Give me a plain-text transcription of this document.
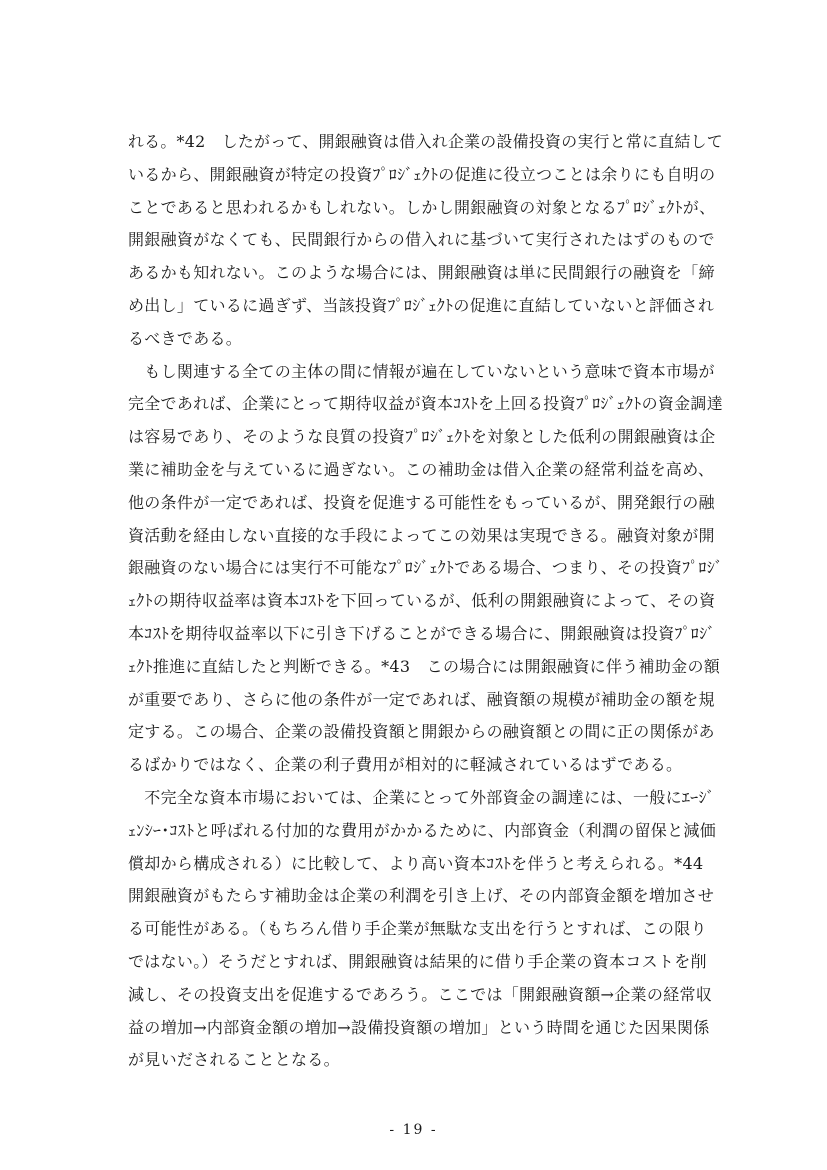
れる。*42　したがって、開銀融資は借入れ企業の設備投資の実行と常に直結して
いるから、開銀融資が特定の投資ﾌﾟﾛｼﾞｪｸﾄの促進に役立つことは余りにも自明の
ことであると思われるかもしれない。しかし開銀融資の対象となるﾌﾟﾛｼﾞｪｸﾄが、
開銀融資がなくても、民間銀行からの借入れに基づいて実行されたはずのもので
あるかも知れない。このような場合には、開銀融資は単に民間銀行の融資を「締
め出し」ているに過ぎず、当該投資ﾌﾟﾛｼﾞｪｸﾄの促進に直結していないと評価され
るべきである。
　もし関連する全ての主体の間に情報が遍在していないという意味で資本市場が
完全であれば、企業にとって期待収益が資本ｺｽﾄを上回る投資ﾌﾟﾛｼﾞｪｸﾄの資金調達
は容易であり、そのような良質の投資ﾌﾟﾛｼﾞｪｸﾄを対象とした低利の開銀融資は企
業に補助金を与えているに過ぎない。この補助金は借入企業の経常利益を高め、
他の条件が一定であれば、投資を促進する可能性をもっているが、開発銀行の融
資活動を経由しない直接的な手段によってこの効果は実現できる。融資対象が開
銀融資のない場合には実行不可能なﾌﾟﾛｼﾞｪｸﾄである場合、つまり、その投資ﾌﾟﾛｼﾞ
ｪｸﾄの期待収益率は資本ｺｽﾄを下回っているが、低利の開銀融資によって、その資
本ｺｽﾄを期待収益率以下に引き下げることができる場合に、開銀融資は投資ﾌﾟﾛｼﾞ
ｪｸﾄ推進に直結したと判断できる。*43　この場合には開銀融資に伴う補助金の額
が重要であり、さらに他の条件が一定であれば、融資額の規模が補助金の額を規
定する。この場合、企業の設備投資額と開銀からの融資額との間に正の関係があ
るばかりではなく、企業の利子費用が相対的に軽減されているはずである。
　不完全な資本市場においては、企業にとって外部資金の調達には、一般にｴｰｼﾞ
ｪﾝｼｰ･ｺｽﾄと呼ばれる付加的な費用がかかるために、内部資金（利潤の留保と減価
償却から構成される）に比較して、より高い資本ｺｽﾄを伴うと考えられる。*44
開銀融資がもたらす補助金は企業の利潤を引き上げ、その内部資金額を増加させ
る可能性がある。（もちろん借り手企業が無駄な支出を行うとすれば、この限り
ではない。）そうだとすれば、開銀融資は結果的に借り手企業の資本コストを削
減し、その投資支出を促進するであろう。ここでは「開銀融資額→企業の経常収
益の増加→内部資金額の増加→設備投資額の増加」という時間を通じた因果関係
が見いだされることとなる。
- 19 -
